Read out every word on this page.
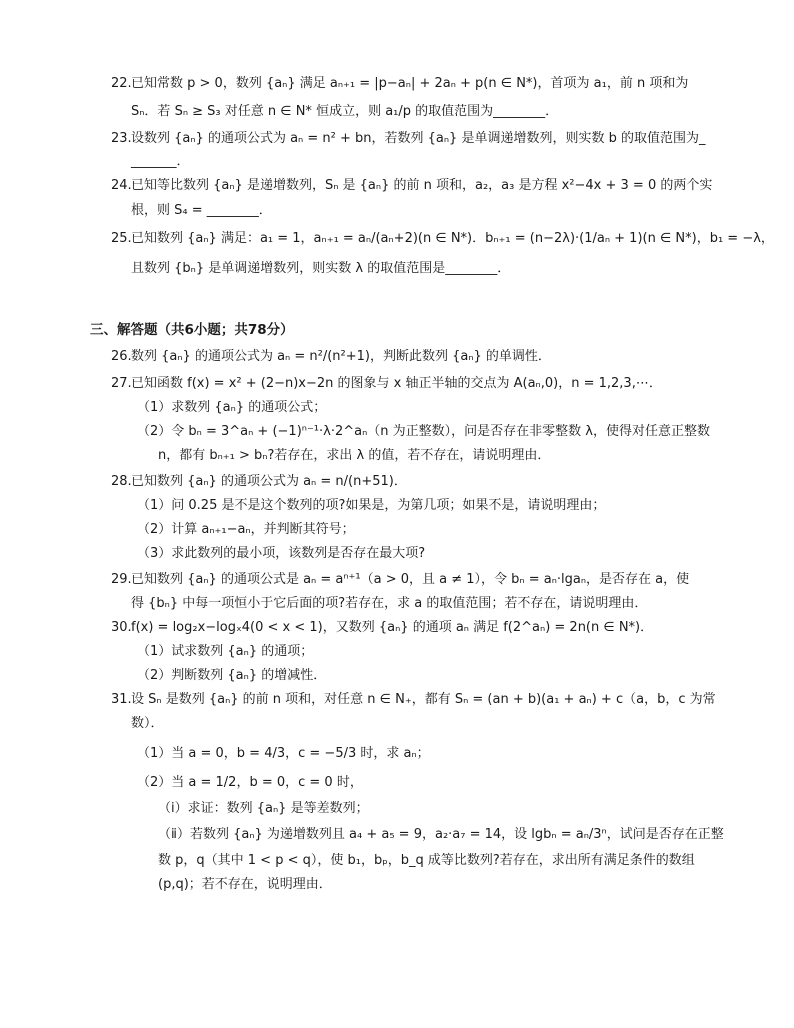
22. 已知常数 p > 0，数列 {aₙ} 满足 aₙ₊₁ = |p−aₙ| + 2aₙ + p(n ∈ N*)，首项为 a₁，前 n 项和为
Sₙ．若 Sₙ ≥ S₃ 对任意 n ∈ N* 恒成立，则 a₁/p 的取值范围为________．
23. 设数列 {aₙ} 的通项公式为 aₙ = n² + bn，若数列 {aₙ} 是单调递增数列，则实数 b 的取值范围为_
_______．
24. 已知等比数列 {aₙ} 是递增数列，Sₙ 是 {aₙ} 的前 n 项和，a₂，a₃ 是方程 x²−4x + 3 = 0 的两个实
根，则 S₄ = ________．
25. 已知数列 {aₙ} 满足：a₁ = 1，aₙ₊₁ = aₙ/(aₙ+2)(n ∈ N*)．bₙ₊₁ = (n−2λ)·(1/aₙ + 1)(n ∈ N*)，b₁ = −λ，
且数列 {bₙ} 是单调递增数列，则实数 λ 的取值范围是________．
三、解答题（共6小题；共78分）
26. 数列 {aₙ} 的通项公式为 aₙ = n²/(n²+1)，判断此数列 {aₙ} 的单调性．
27. 已知函数 f(x) = x² + (2−n)x−2n 的图象与 x 轴正半轴的交点为 A(aₙ,0)，n = 1,2,3,⋯．
（1）求数列 {aₙ} 的通项公式；
（2）令 bₙ = 3^aₙ + (−1)ⁿ⁻¹·λ·2^aₙ（n 为正整数），问是否存在非零整数 λ，使得对任意正整数
n，都有 bₙ₊₁ > bₙ?若存在，求出 λ 的值，若不存在，请说明理由．
28. 已知数列 {aₙ} 的通项公式为 aₙ = n/(n+51)．
（1）问 0.25 是不是这个数列的项?如果是，为第几项；如果不是，请说明理由；
（2）计算 aₙ₊₁−aₙ，并判断其符号；
（3）求此数列的最小项，该数列是否存在最大项?
29. 已知数列 {aₙ} 的通项公式是 aₙ = aⁿ⁺¹（a > 0，且 a ≠ 1），令 bₙ = aₙ·lgaₙ，是否存在 a，使
得 {bₙ} 中每一项恒小于它后面的项?若存在，求 a 的取值范围；若不存在，请说明理由．
30. f(x) = log₂x−logₓ4(0 < x < 1)，又数列 {aₙ} 的通项 aₙ 满足 f(2^aₙ) = 2n(n ∈ N*)．
（1）试求数列 {aₙ} 的通项；
（2）判断数列 {aₙ} 的增减性．
31. 设 Sₙ 是数列 {aₙ} 的前 n 项和，对任意 n ∈ N₊，都有 Sₙ = (an + b)(a₁ + aₙ) + c（a，b，c 为常
数）．
（1）当 a = 0，b = 4/3，c = −5/3 时，求 aₙ；
（2）当 a = 1/2，b = 0，c = 0 时，
（ⅰ）求证：数列 {aₙ} 是等差数列；
（ⅱ）若数列 {aₙ} 为递增数列且 a₄ + a₅ = 9，a₂·a₇ = 14，设 lgbₙ = aₙ/3ⁿ，试问是否存在正整
数 p，q（其中 1 < p < q），使 b₁，bₚ，b_q 成等比数列?若存在，求出所有满足条件的数组
(p,q)；若不存在，说明理由．
